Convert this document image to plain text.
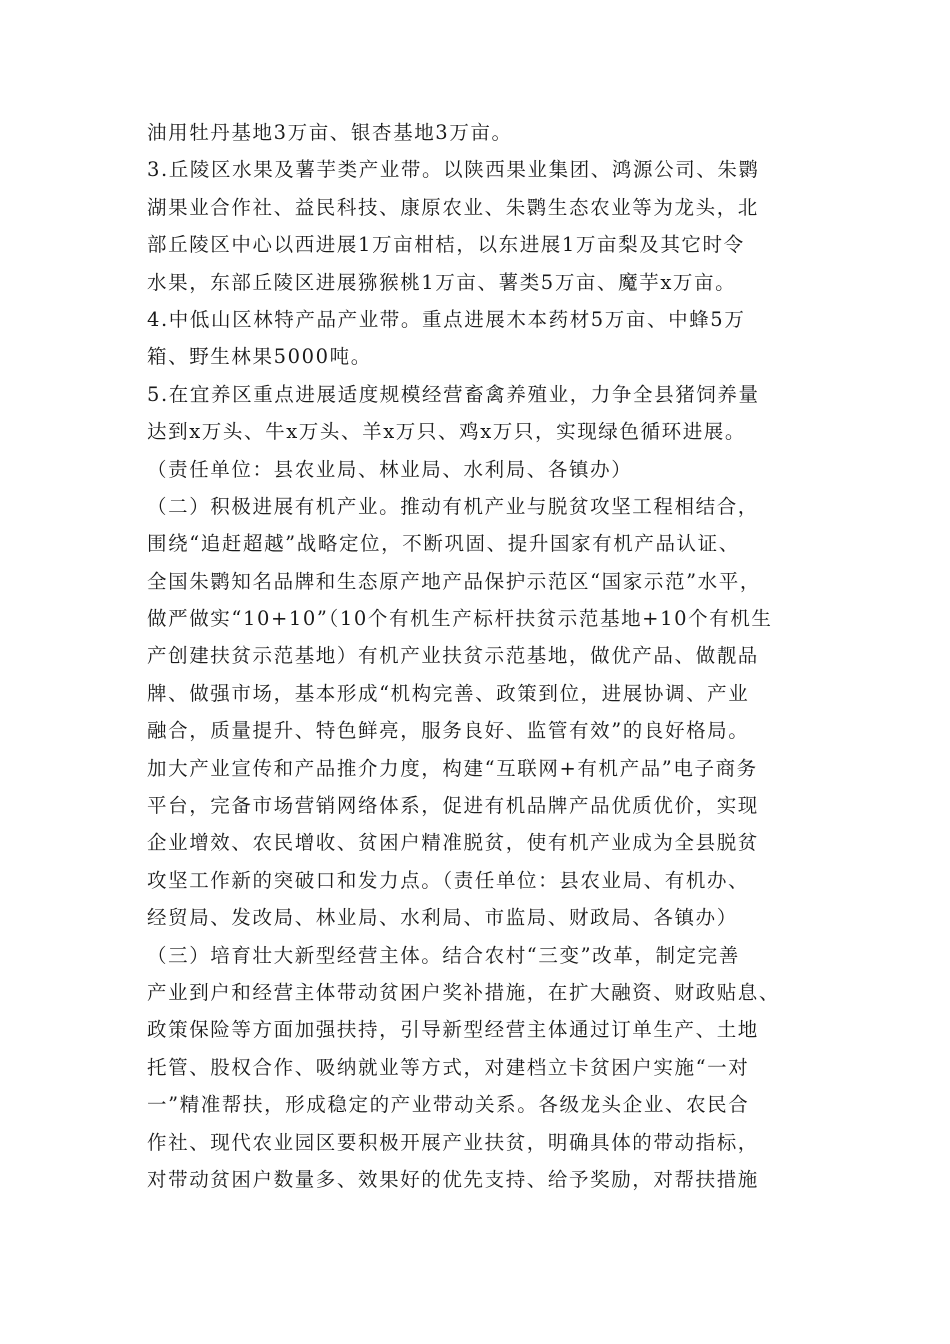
油用牡丹基地3万亩、银杏基地3万亩。
3.丘陵区水果及薯芋类产业带。以陕西果业集团、鸿源公司、朱鹮
湖果业合作社、益民科技、康原农业、朱鹮生态农业等为龙头，北
部丘陵区中心以西进展1万亩柑桔，以东进展1万亩梨及其它时令
水果，东部丘陵区进展猕猴桃1万亩、薯类5万亩、魔芋x万亩。
4.中低山区林特产品产业带。重点进展木本药材5万亩、中蜂5万
箱、野生林果5000吨。
5.在宜养区重点进展适度规模经营畜禽养殖业，力争全县猪饲养量
达到x万头、牛x万头、羊x万只、鸡x万只，实现绿色循环进展。
（责任单位：县农业局、林业局、水利局、各镇办）
（二）积极进展有机产业。推动有机产业与脱贫攻坚工程相结合，
围绕“追赶超越”战略定位，不断巩固、提升国家有机产品认证、
全国朱鹮知名品牌和生态原产地产品保护示范区“国家示范”水平，
做严做实“10+10”（10个有机生产标杆扶贫示范基地+10个有机生
产创建扶贫示范基地）有机产业扶贫示范基地，做优产品、做靓品
牌、做强市场，基本形成“机构完善、政策到位，进展协调、产业
融合，质量提升、特色鲜亮，服务良好、监管有效”的良好格局。
加大产业宣传和产品推介力度，构建“互联网+有机产品”电子商务
平台，完备市场营销网络体系，促进有机品牌产品优质优价，实现
企业增效、农民增收、贫困户精准脱贫，使有机产业成为全县脱贫
攻坚工作新的突破口和发力点。（责任单位：县农业局、有机办、
经贸局、发改局、林业局、水利局、市监局、财政局、各镇办）
（三）培育壮大新型经营主体。结合农村“三变”改革，制定完善
产业到户和经营主体带动贫困户奖补措施，在扩大融资、财政贴息、
政策保险等方面加强扶持，引导新型经营主体通过订单生产、土地
托管、股权合作、吸纳就业等方式，对建档立卡贫困户实施“一对
一”精准帮扶，形成稳定的产业带动关系。各级龙头企业、农民合
作社、现代农业园区要积极开展产业扶贫，明确具体的带动指标，
对带动贫困户数量多、效果好的优先支持、给予奖励，对帮扶措施
